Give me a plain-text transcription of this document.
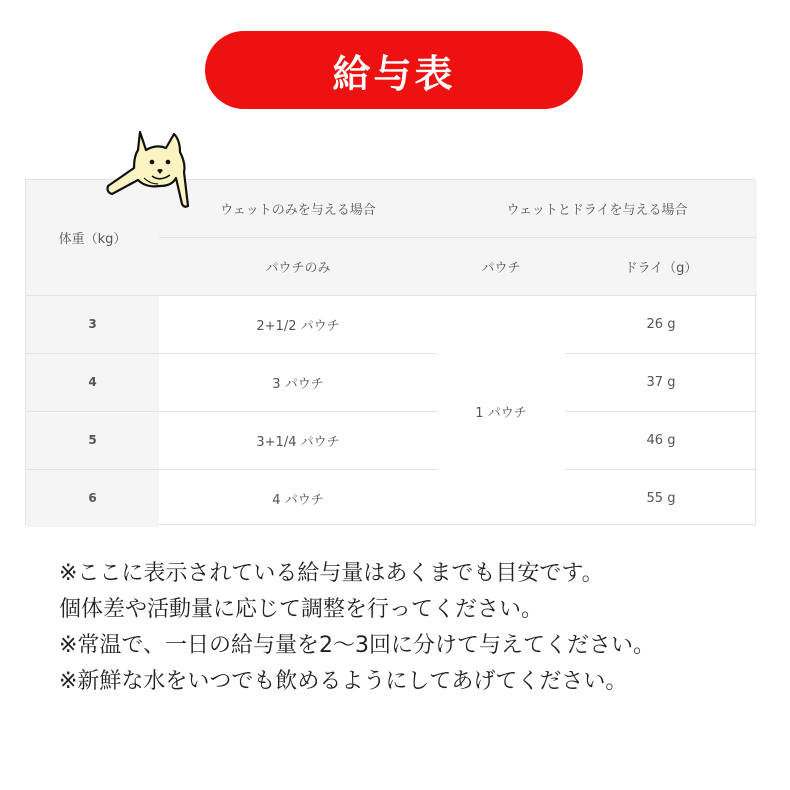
給与表
体重（kg）	ウェットのみを与える場合	ウェットとドライを与える場合	
	パウチのみ	パウチ	ドライ（g）
3	2+1/2 パウチ	1 パウチ	26 g
4	3 パウチ		37 g
5	3+1/4 パウチ		46 g
6	4 パウチ		55 g
※ここに表示されている給与量はあくまでも目安です。
個体差や活動量に応じて調整を行ってください。
※常温で、一日の給与量を2〜3回に分けて与えてください。
※新鮮な水をいつでも飲めるようにしてあげてください。
